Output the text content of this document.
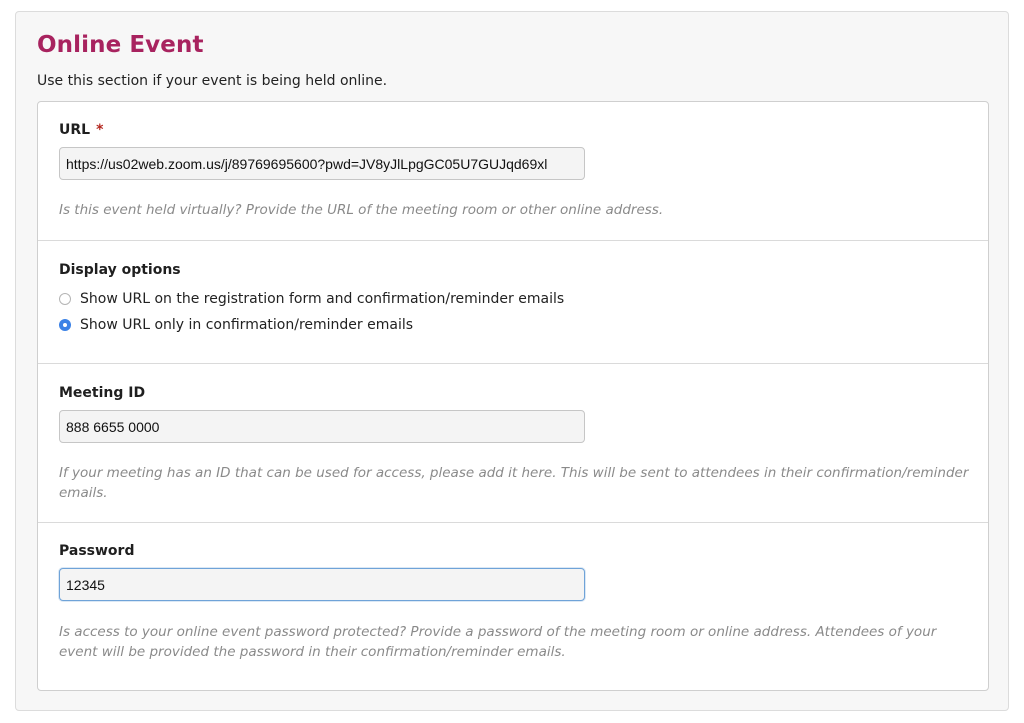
Online Event

Use this section if your event is being held online.

URL *
https://us02web.zoom.us/j/89769695600?pwd=JV8yJlLpgGC05U7GUJqd69xl

Is this event held virtually? Provide the URL of the meeting room or other online address.

Display options
Show URL on the registration form and confirmation/reminder emails
Show URL only in confirmation/reminder emails
Meeting ID
888 6655 0000

If your meeting has an ID that can be used for access, please add it here. This will be sent to attendees in their confirmation/reminder emails.

Password
12345

Is access to your online event password protected? Provide a password of the meeting room or online address. Attendees of your event will be provided the password in their confirmation/reminder emails.
